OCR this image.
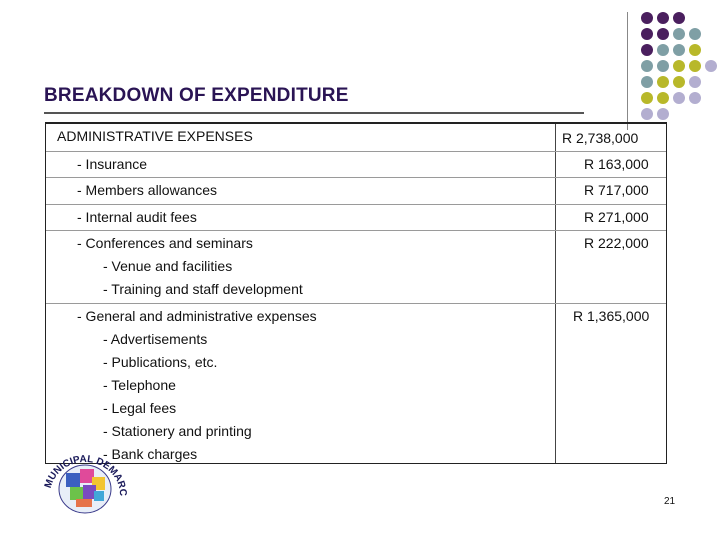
BREAKDOWN OF EXPENDITURE
ADMINISTRATIVE EXPENSES	R 2,738,000
- Insurance	R 163,000
- Members allowances	R 717,000
- Internal audit fees	R 271,000
- Conferences and seminars	R 222,000
- Venue and facilities
- Training and staff development
- General and administrative expenses	R 1,365,000
- Advertisements
- Publications, etc.
- Telephone
- Legal fees
- Stationery and printing
- Bank charges
MUNICIPAL DEMARC
21
